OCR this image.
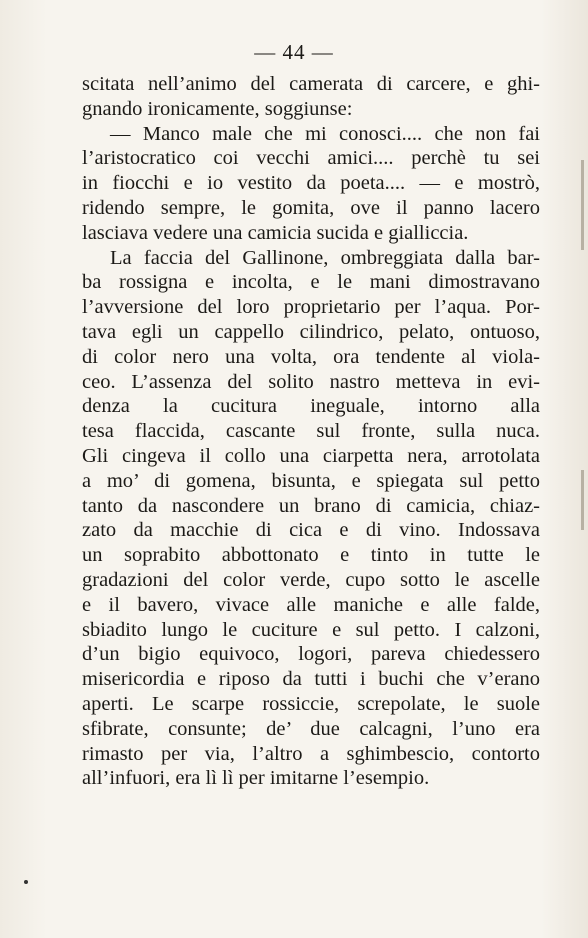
— 44 —
scitata nell’animo del camerata di carcere, e ghi-
gnando ironicamente, soggiunse:
— Manco male che mi conosci.... che non fai
l’aristocratico coi vecchi amici.... perchè tu sei
in fiocchi e io vestito da poeta.... — e mostrò,
ridendo sempre, le gomita, ove il panno lacero
lasciava vedere una camicia sucida e gialliccia.
La faccia del Gallinone, ombreggiata dalla bar-
ba rossigna e incolta, e le mani dimostravano
l’avversione del loro proprietario per l’aqua. Por-
tava egli un cappello cilindrico, pelato, ontuoso,
di color nero una volta, ora tendente al viola-
ceo. L’assenza del solito nastro metteva in evi-
denza la cucitura ineguale, intorno alla
tesa flaccida, cascante sul fronte, sulla nuca.
Gli cingeva il collo una ciarpetta nera, arrotolata
a mo’ di gomena, bisunta, e spiegata sul petto
tanto da nascondere un brano di camicia, chiaz-
zato da macchie di cica e di vino. Indossava
un soprabito abbottonato e tinto in tutte le
gradazioni del color verde, cupo sotto le ascelle
e il bavero, vivace alle maniche e alle falde,
sbiadito lungo le cuciture e sul petto. I calzoni,
d’un bigio equivoco, logori, pareva chiedessero
misericordia e riposo da tutti i buchi che v’erano
aperti. Le scarpe rossiccie, screpolate, le suole
sfibrate, consunte; de’ due calcagni, l’uno era
rimasto per via, l’altro a sghimbescio, contorto
all’infuori, era lì lì per imitarne l’esempio.
